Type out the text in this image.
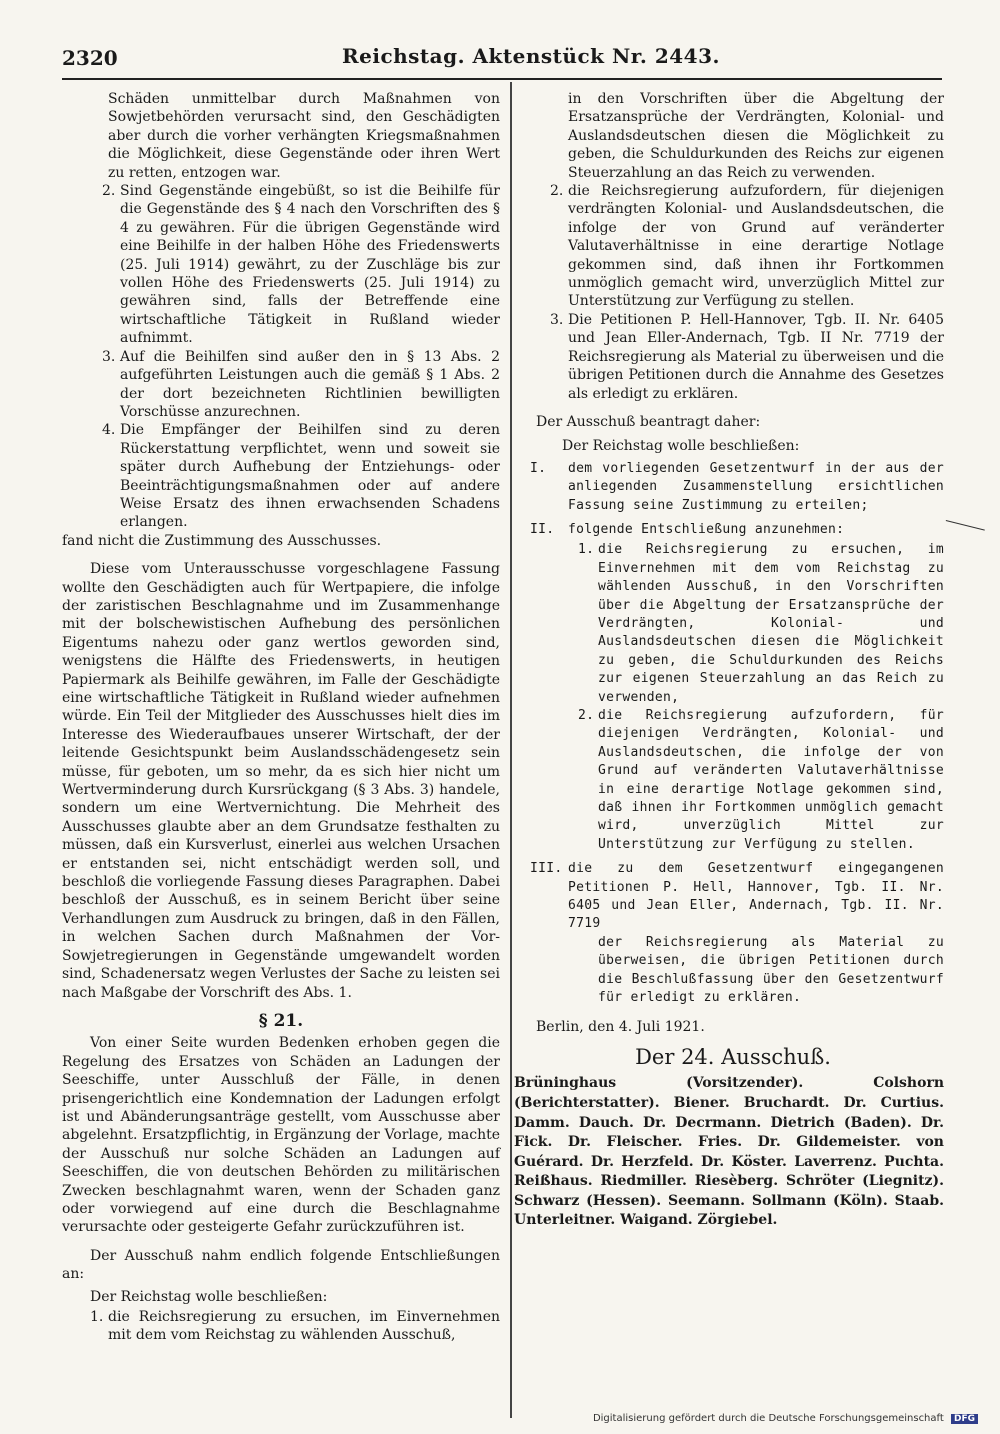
2320	Reichstag. Aktenstück Nr. 2443.

Schäden unmittelbar durch Maßnahmen von Sowjetbehörden verursacht sind, den Geschädigten aber durch die vorher verhängten Kriegsmaßnahmen die Möglichkeit, diese Gegenstände oder ihren Wert zu retten, entzogen war.

2. Sind Gegenstände eingebüßt, so ist die Beihilfe für die Gegenstände des § 4 nach den Vorschriften des § 4 zu gewähren. Für die übrigen Gegenstände wird eine Beihilfe in der halben Höhe des Friedenswerts (25. Juli 1914) gewährt, zu der Zuschläge bis zur vollen Höhe des Friedenswerts (25. Juli 1914) zu gewähren sind, falls der Betreffende eine wirtschaftliche Tätigkeit in Rußland wieder aufnimmt.
3. Auf die Beihilfen sind außer den in § 13 Abs. 2 aufgeführten Leistungen auch die gemäß § 1 Abs. 2 der dort bezeichneten Richtlinien bewilligten Vorschüsse anzurechnen.
4. Die Empfänger der Beihilfen sind zu deren Rückerstattung verpflichtet, wenn und soweit sie später durch Aufhebung der Entziehungs- oder Beeinträchtigungsmaßnahmen oder auf andere Weise Ersatz des ihnen erwachsenden Schadens erlangen.

fand nicht die Zustimmung des Ausschusses.

Diese vom Unterausschusse vorgeschlagene Fassung wollte den Geschädigten auch für Wertpapiere, die infolge der zaristischen Beschlagnahme und im Zusammenhange mit der bolschewistischen Aufhebung des persönlichen Eigentums nahezu oder ganz wertlos geworden sind, wenigstens die Hälfte des Friedenswerts, in heutigen Papiermark als Beihilfe gewähren, im Falle der Geschädigte eine wirtschaftliche Tätigkeit in Rußland wieder aufnehmen würde. Ein Teil der Mitglieder des Ausschusses hielt dies im Interesse des Wiederaufbaues unserer Wirtschaft, der der leitende Gesichtspunkt beim Auslandsschädengesetz sein müsse, für geboten, um so mehr, da es sich hier nicht um Wertverminderung durch Kursrückgang (§ 3 Abs. 3) handele, sondern um eine Wertvernichtung. Die Mehrheit des Ausschusses glaubte aber an dem Grundsatze festhalten zu müssen, daß ein Kursverlust, einerlei aus welchen Ursachen er entstanden sei, nicht entschädigt werden soll, und beschloß die vorliegende Fassung dieses Paragraphen. Dabei beschloß der Ausschuß, es in seinem Bericht über seine Verhandlungen zum Ausdruck zu bringen, daß in den Fällen, in welchen Sachen durch Maßnahmen der Vor-Sowjetregierungen in Gegenstände umgewandelt worden sind, Schadenersatz wegen Verlustes der Sache zu leisten sei nach Maßgabe der Vorschrift des Abs. 1.

§ 21.

Von einer Seite wurden Bedenken erhoben gegen die Regelung des Ersatzes von Schäden an Ladungen der Seeschiffe, unter Ausschluß der Fälle, in denen prisengerichtlich eine Kondemnation der Ladungen erfolgt ist und Abänderungsanträge gestellt, vom Ausschusse aber abgelehnt. Ersatzpflichtig, in Ergänzung der Vorlage, machte der Ausschuß nur solche Schäden an Ladungen auf Seeschiffen, die von deutschen Behörden zu militärischen Zwecken beschlagnahmt waren, wenn der Schaden ganz oder vorwiegend auf eine durch die Beschlagnahme verursachte oder gesteigerte Gefahr zurückzuführen ist.

Der Ausschuß nahm endlich folgende Entschließungen an:

Der Reichstag wolle beschließen:

1. die Reichsregierung zu ersuchen, im Einvernehmen mit dem vom Reichstag zu wählenden Ausschuß,

in den Vorschriften über die Abgeltung der Ersatzansprüche der Verdrängten, Kolonial- und Auslandsdeutschen diesen die Möglichkeit zu geben, die Schuldurkunden des Reichs zur eigenen Steuerzahlung an das Reich zu verwenden.

2. die Reichsregierung aufzufordern, für diejenigen verdrängten Kolonial- und Auslandsdeutschen, die infolge der von Grund auf veränderter Valutaverhältnisse in eine derartige Notlage gekommen sind, daß ihnen ihr Fortkommen unmöglich gemacht wird, unverzüglich Mittel zur Unterstützung zur Verfügung zu stellen.
3. Die Petitionen P. Hell-Hannover, Tgb. II. Nr. 6405 und Jean Eller-Andernach, Tgb. II Nr. 7719 der Reichsregierung als Material zu überweisen und die übrigen Petitionen durch die Annahme des Gesetzes als erledigt zu erklären.

Der Ausschuß beantragt daher:

Der Reichstag wolle beschließen:

I. dem vorliegenden Gesetzentwurf in der aus der anliegenden Zusammenstellung ersichtlichen Fassung seine Zustimmung zu erteilen;
II. folgende Entschließung anzunehmen:
1. die Reichsregierung zu ersuchen, im Einvernehmen mit dem vom Reichstag zu wählenden Ausschuß, in den Vorschriften über die Abgeltung der Ersatzansprüche der Verdrängten, Kolonial- und Auslandsdeutschen diesen die Möglichkeit zu geben, die Schuldurkunden des Reichs zur eigenen Steuerzahlung an das Reich zu verwenden,
2. die Reichsregierung aufzufordern, für diejenigen Verdrängten, Kolonial- und Auslandsdeutschen, die infolge der von Grund auf veränderten Valutaverhältnisse in eine derartige Notlage gekommen sind, daß ihnen ihr Fortkommen unmöglich gemacht wird, unverzüglich Mittel zur Unterstützung zur Verfügung zu stellen.
III. die zu dem Gesetzentwurf eingegangenen Petitionen P. Hell, Hannover, Tgb. II. Nr. 6405 und Jean Eller, Andernach, Tgb. II. Nr. 7719
der Reichsregierung als Material zu überweisen, die übrigen Petitionen durch die Beschlußfassung über den Gesetzentwurf für erledigt zu erklären.

Berlin, den 4. Juli 1921.

Der 24. Ausschuß.

Brüninghaus (Vorsitzender). Colshorn (Berichterstatter). Biener. Bruchardt. Dr. Curtius. Damm. Dauch. Dr. Decrmann. Dietrich (Baden). Dr. Fick. Dr. Fleischer. Fries. Dr. Gildemeister. von Guérard. Dr. Herzfeld. Dr. Köster. Laverrenz. Puchta. Reißhaus. Riedmiller. Riesèberg. Schröter (Liegnitz). Schwarz (Hessen). Seemann. Sollmann (Köln). Staab. Unterleitner. Waigand. Zörgiebel.

Digitalisierung gefördert durch die Deutsche Forschungsgemeinschaft DFG
